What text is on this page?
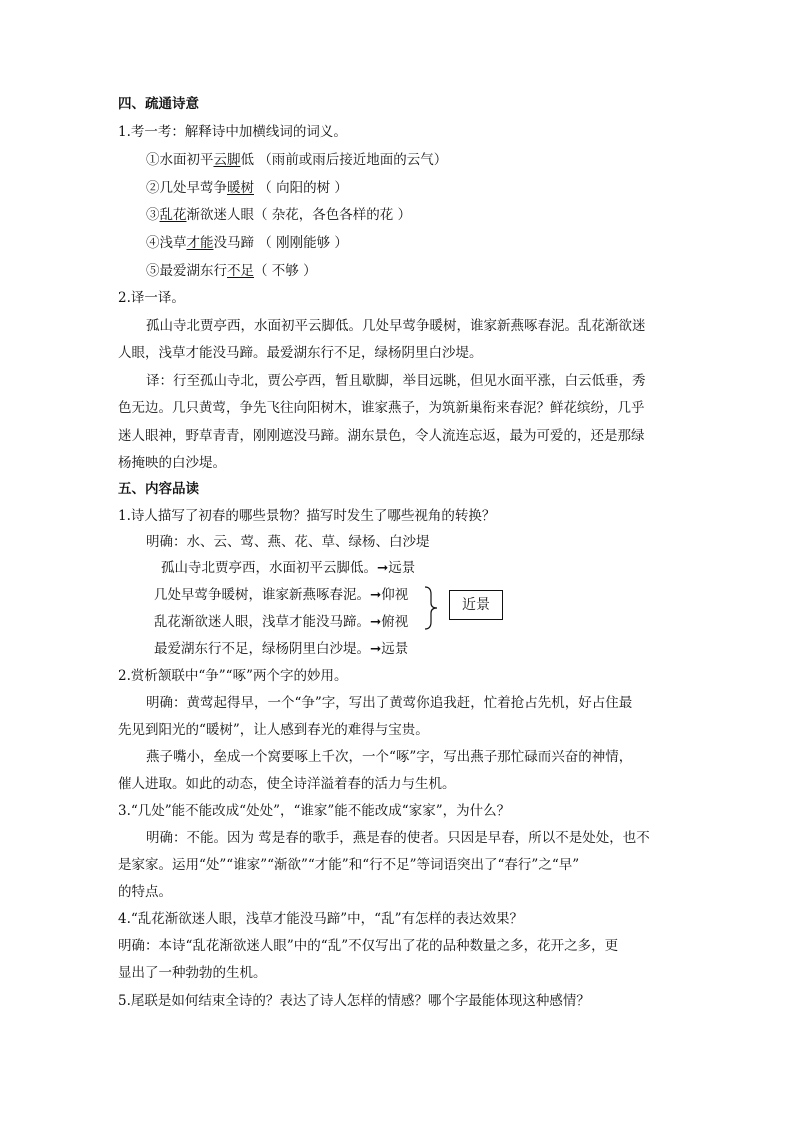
四、疏通诗意
1.考一考：解释诗中加横线词的词义。
①水面初平云脚低 （雨前或雨后接近地面的云气）
②几处早莺争暖树 （ 向阳的树 ）
③乱花渐欲迷人眼（ 杂花，各色各样的花 ）
④浅草才能没马蹄 （ 刚刚能够 ）
⑤最爱湖东行不足（ 不够 ）
2.译一译。
孤山寺北贾亭西，水面初平云脚低。几处早莺争暖树，谁家新燕啄春泥。乱花渐欲迷
人眼，浅草才能没马蹄。最爱湖东行不足，绿杨阴里白沙堤。
译：行至孤山寺北，贾公亭西，暂且歇脚，举目远眺，但见水面平涨，白云低垂，秀
色无边。几只黄莺，争先飞往向阳树木，谁家燕子，为筑新巢衔来春泥？鲜花缤纷，几乎
迷人眼神，野草青青，刚刚遮没马蹄。湖东景色，令人流连忘返，最为可爱的，还是那绿
杨掩映的白沙堤。
五、内容品读
1.诗人描写了初春的哪些景物？描写时发生了哪些视角的转换？
明确：水、云、莺、燕、花、草、绿杨、白沙堤
孤山寺北贾亭西，水面初平云脚低。➞远景
几处早莺争暖树，谁家新燕啄春泥。➞仰视
乱花渐欲迷人眼，浅草才能没马蹄。➞俯视
最爱湖东行不足，绿杨阴里白沙堤。➞远景
近景
2.赏析颔联中“争”“啄”两个字的妙用。
明确：黄莺起得早，一个“争”字，写出了黄莺你追我赶，忙着抢占先机，好占住最
先见到阳光的“暖树”，让人感到春光的难得与宝贵。
燕子嘴小，垒成一个窝要啄上千次，一个“啄”字，写出燕子那忙碌而兴奋的神情，
催人进取。如此的动态，使全诗洋溢着春的活力与生机。
3.“几处”能不能改成“处处”，“谁家”能不能改成“家家”，为什么？
明确：不能。因为 莺是春的歌手，燕是春的使者。只因是早春，所以不是处处，也不
是家家。运用“处”“谁家”“渐欲”“才能”和“行不足”等词语突出了“春行”之“早”
的特点。
4.“乱花渐欲迷人眼，浅草才能没马蹄”中，“乱”有怎样的表达效果？
明确：本诗“乱花渐欲迷人眼”中的“乱”不仅写出了花的品种数量之多，花开之多，更
显出了一种勃勃的生机。
5.尾联是如何结束全诗的？表达了诗人怎样的情感？哪个字最能体现这种感情？
